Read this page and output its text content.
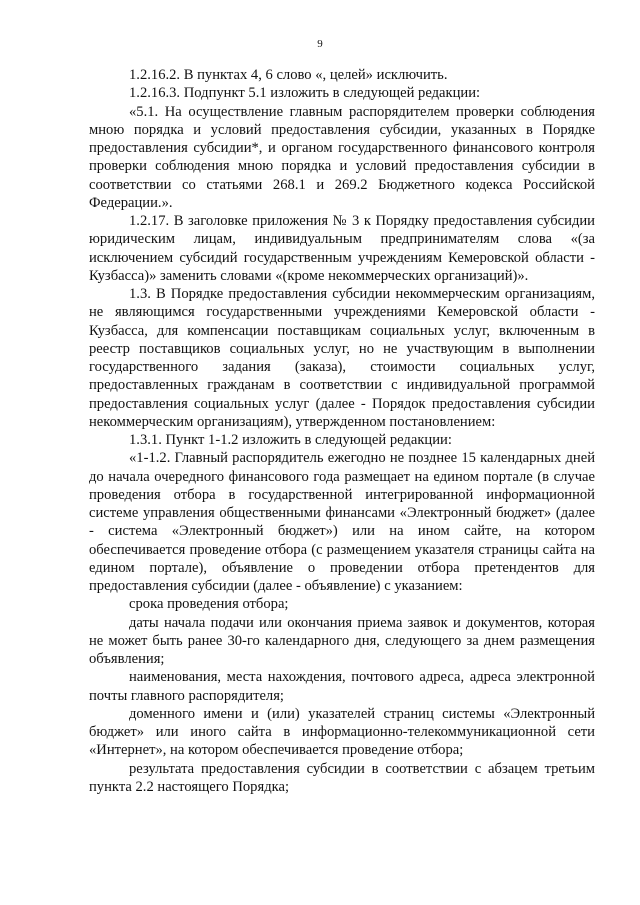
9

1.2.16.2. В пунктах 4, 6 слово «, целей» исключить.

1.2.16.3. Подпункт 5.1 изложить в следующей редакции:

«5.1. На осуществление главным распорядителем проверки соблюдения мною порядка и условий предоставления субсидии, указанных в Порядке предоставления субсидии*, и органом государственного финансового контроля проверки соблюдения мною порядка и условий предоставления субсидии в соответствии со статьями 268.1 и 269.2 Бюджетного кодекса Российской Федерации.».

1.2.17. В заголовке приложения № 3 к Порядку предоставления субсидии юридическим лицам, индивидуальным предпринимателям слова «(за исключением субсидий государственным учреждениям Кемеровской области - Кузбасса)» заменить словами «(кроме некоммерческих организаций)».

1.3. В Порядке предоставления субсидии некоммерческим организациям, не являющимся государственными учреждениями Кемеровской области - Кузбасса, для компенсации поставщикам социальных услуг, включенным в реестр поставщиков социальных услуг, но не участвующим в выполнении государственного задания (заказа), стоимости социальных услуг, предоставленных гражданам в соответствии с индивидуальной программой предоставления социальных услуг (далее - Порядок предоставления субсидии некоммерческим организациям), утвержденном постановлением:

1.3.1. Пункт 1-1.2 изложить в следующей редакции:

«1-1.2. Главный распорядитель ежегодно не позднее 15 календарных дней до начала очередного финансового года размещает на едином портале (в случае проведения отбора в государственной интегрированной информационной системе управления общественными финансами «Электронный бюджет» (далее - система «Электронный бюджет») или на ином сайте, на котором обеспечивается проведение отбора (с размещением указателя страницы сайта на едином портале), объявление о проведении отбора претендентов для предоставления субсидии (далее - объявление) с указанием:

срока проведения отбора;

даты начала подачи или окончания приема заявок и документов, которая не может быть ранее 30-го календарного дня, следующего за днем размещения объявления;

наименования, места нахождения, почтового адреса, адреса электронной почты главного распорядителя;

доменного имени и (или) указателей страниц системы «Электронный бюджет» или иного сайта в информационно-телекоммуникационной сети «Интернет», на котором обеспечивается проведение отбора;

результата предоставления субсидии в соответствии с абзацем третьим пункта 2.2 настоящего Порядка;
